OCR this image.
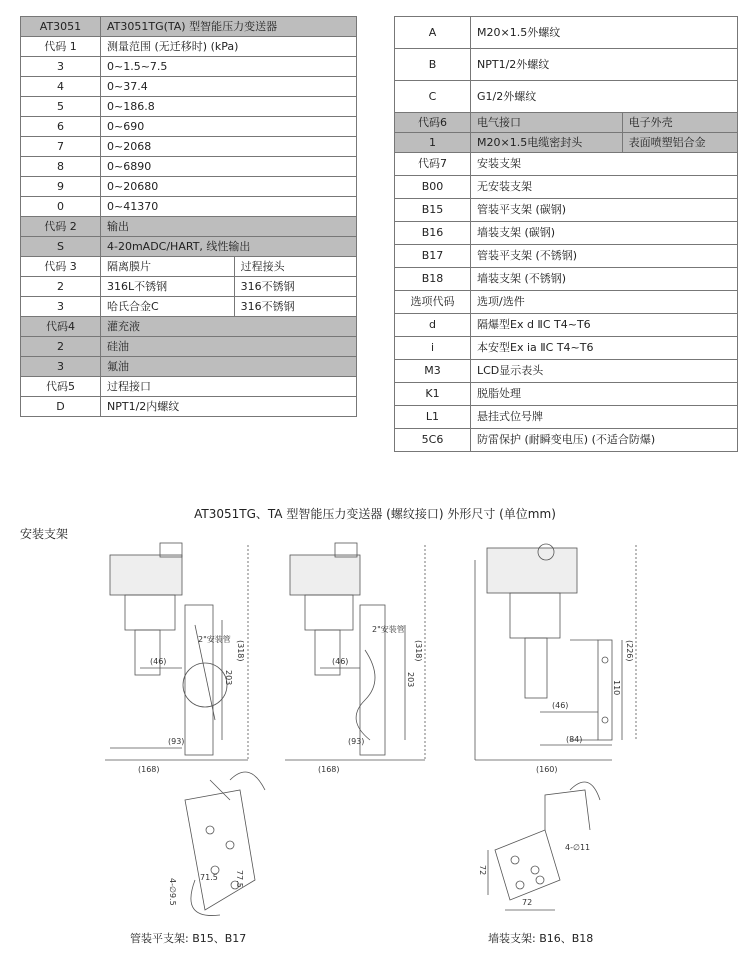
AT3051	AT3051TG(TA) 型智能压力变送器	
代码 1	测量范围 (无迁移时) (kPa)	
3	0~1.5~7.5	
4	0~37.4	
5	0~186.8	
6	0~690	
7	0~2068	
8	0~6890	
9	0~20680	
0	0~41370	
代码 2	输出	
S	4-20mADC/HART, 线性输出	
代码 3	隔离膜片	过程接头
2	316L不锈钢	316不锈钢
3	哈氏合金C	316不锈钢
代码4	灌充液	
2	硅油	
3	氟油	
代码5	过程接口	
D	NPT1/2内螺纹	
A	M20×1.5外螺纹	
B	NPT1/2外螺纹	
C	G1/2外螺纹	
代码6	电气接口	电子外壳
1	M20×1.5电缆密封头	表面喷塑铝合金
代码7	安装支架	
B00	无安装支架	
B15	管装平支架 (碳钢)	
B16	墙装支架 (碳钢)	
B17	管装平支架 (不锈钢)	
B18	墙装支架 (不锈钢)	
选项代码	选项/选件	
d	隔爆型Ex d ⅡC T4~T6	
i	本安型Ex ia ⅡC T4~T6	
M3	LCD显示表头	
K1	脱脂处理	
L1	悬挂式位号牌	
5C6	防雷保护 (耐瞬变电压) (不适合防爆)	
AT3051TG、TA 型智能压力变送器 (螺纹接口) 外形尺寸 (单位mm)
安装支架
(318)
203
(46)
(93)
(168)
2"安装管
(318)
203
(46)
(93)
(168)
2"安装管
(226)
110
(46)
(84)
(160)
4-∅9.5
71.5 77.5	72
72
4-∅11
管装平支架: B15、B17	墙装支架: B16、B18
